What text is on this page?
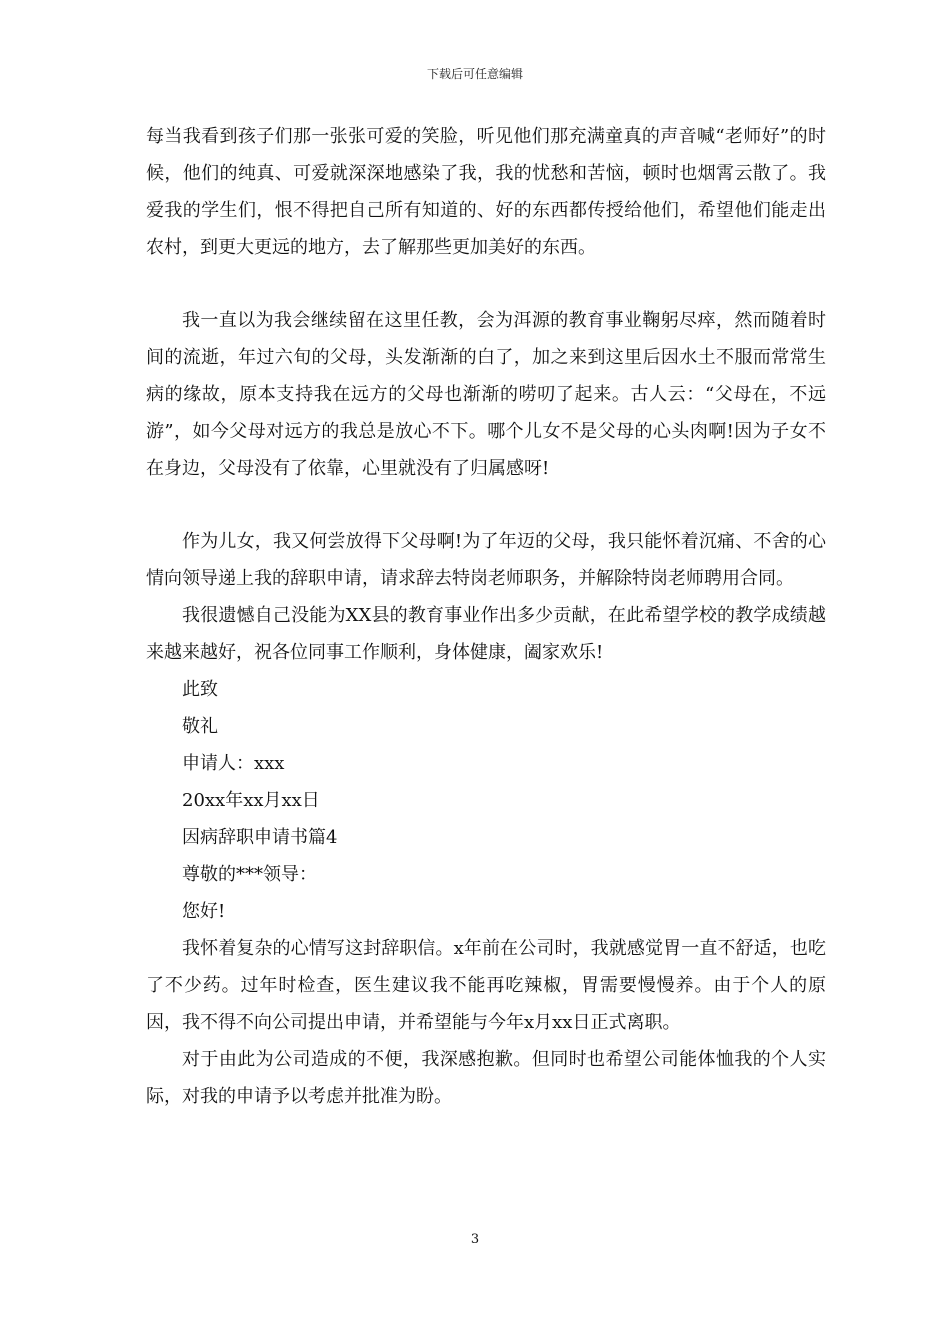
下载后可任意编辑

每当我看到孩子们那一张张可爱的笑脸，听见他们那充满童真的声音喊“老师好”的时候，他们的纯真、可爱就深深地感染了我，我的忧愁和苦恼，顿时也烟霄云散了。我爱我的学生们，恨不得把自己所有知道的、好的东西都传授给他们，希望他们能走出农村，到更大更远的地方，去了解那些更加美好的东西。

我一直以为我会继续留在这里任教，会为洱源的教育事业鞠躬尽瘁，然而随着时间的流逝，年过六旬的父母，头发渐渐的白了，加之来到这里后因水土不服而常常生病的缘故，原本支持我在远方的父母也渐渐的唠叨了起来。古人云：“父母在，不远游”，如今父母对远方的我总是放心不下。哪个儿女不是父母的心头肉啊!因为子女不在身边，父母没有了依靠，心里就没有了归属感呀!

作为儿女，我又何尝放得下父母啊!为了年迈的父母，我只能怀着沉痛、不舍的心情向领导递上我的辞职申请，请求辞去特岗老师职务，并解除特岗老师聘用合同。

我很遗憾自己没能为XX县的教育事业作出多少贡献，在此希望学校的教学成绩越来越来越好，祝各位同事工作顺利，身体健康，阖家欢乐!

此致

敬礼

申请人：xxx

20xx年xx月xx日

因病辞职申请书篇4

尊敬的***领导：

您好!

我怀着复杂的心情写这封辞职信。x年前在公司时，我就感觉胃一直不舒适，也吃了不少药。过年时检查，医生建议我不能再吃辣椒，胃需要慢慢养。由于个人的原因，我不得不向公司提出申请，并希望能与今年x月xx日正式离职。

对于由此为公司造成的不便，我深感抱歉。但同时也希望公司能体恤我的个人实际，对我的申请予以考虑并批准为盼。

3
